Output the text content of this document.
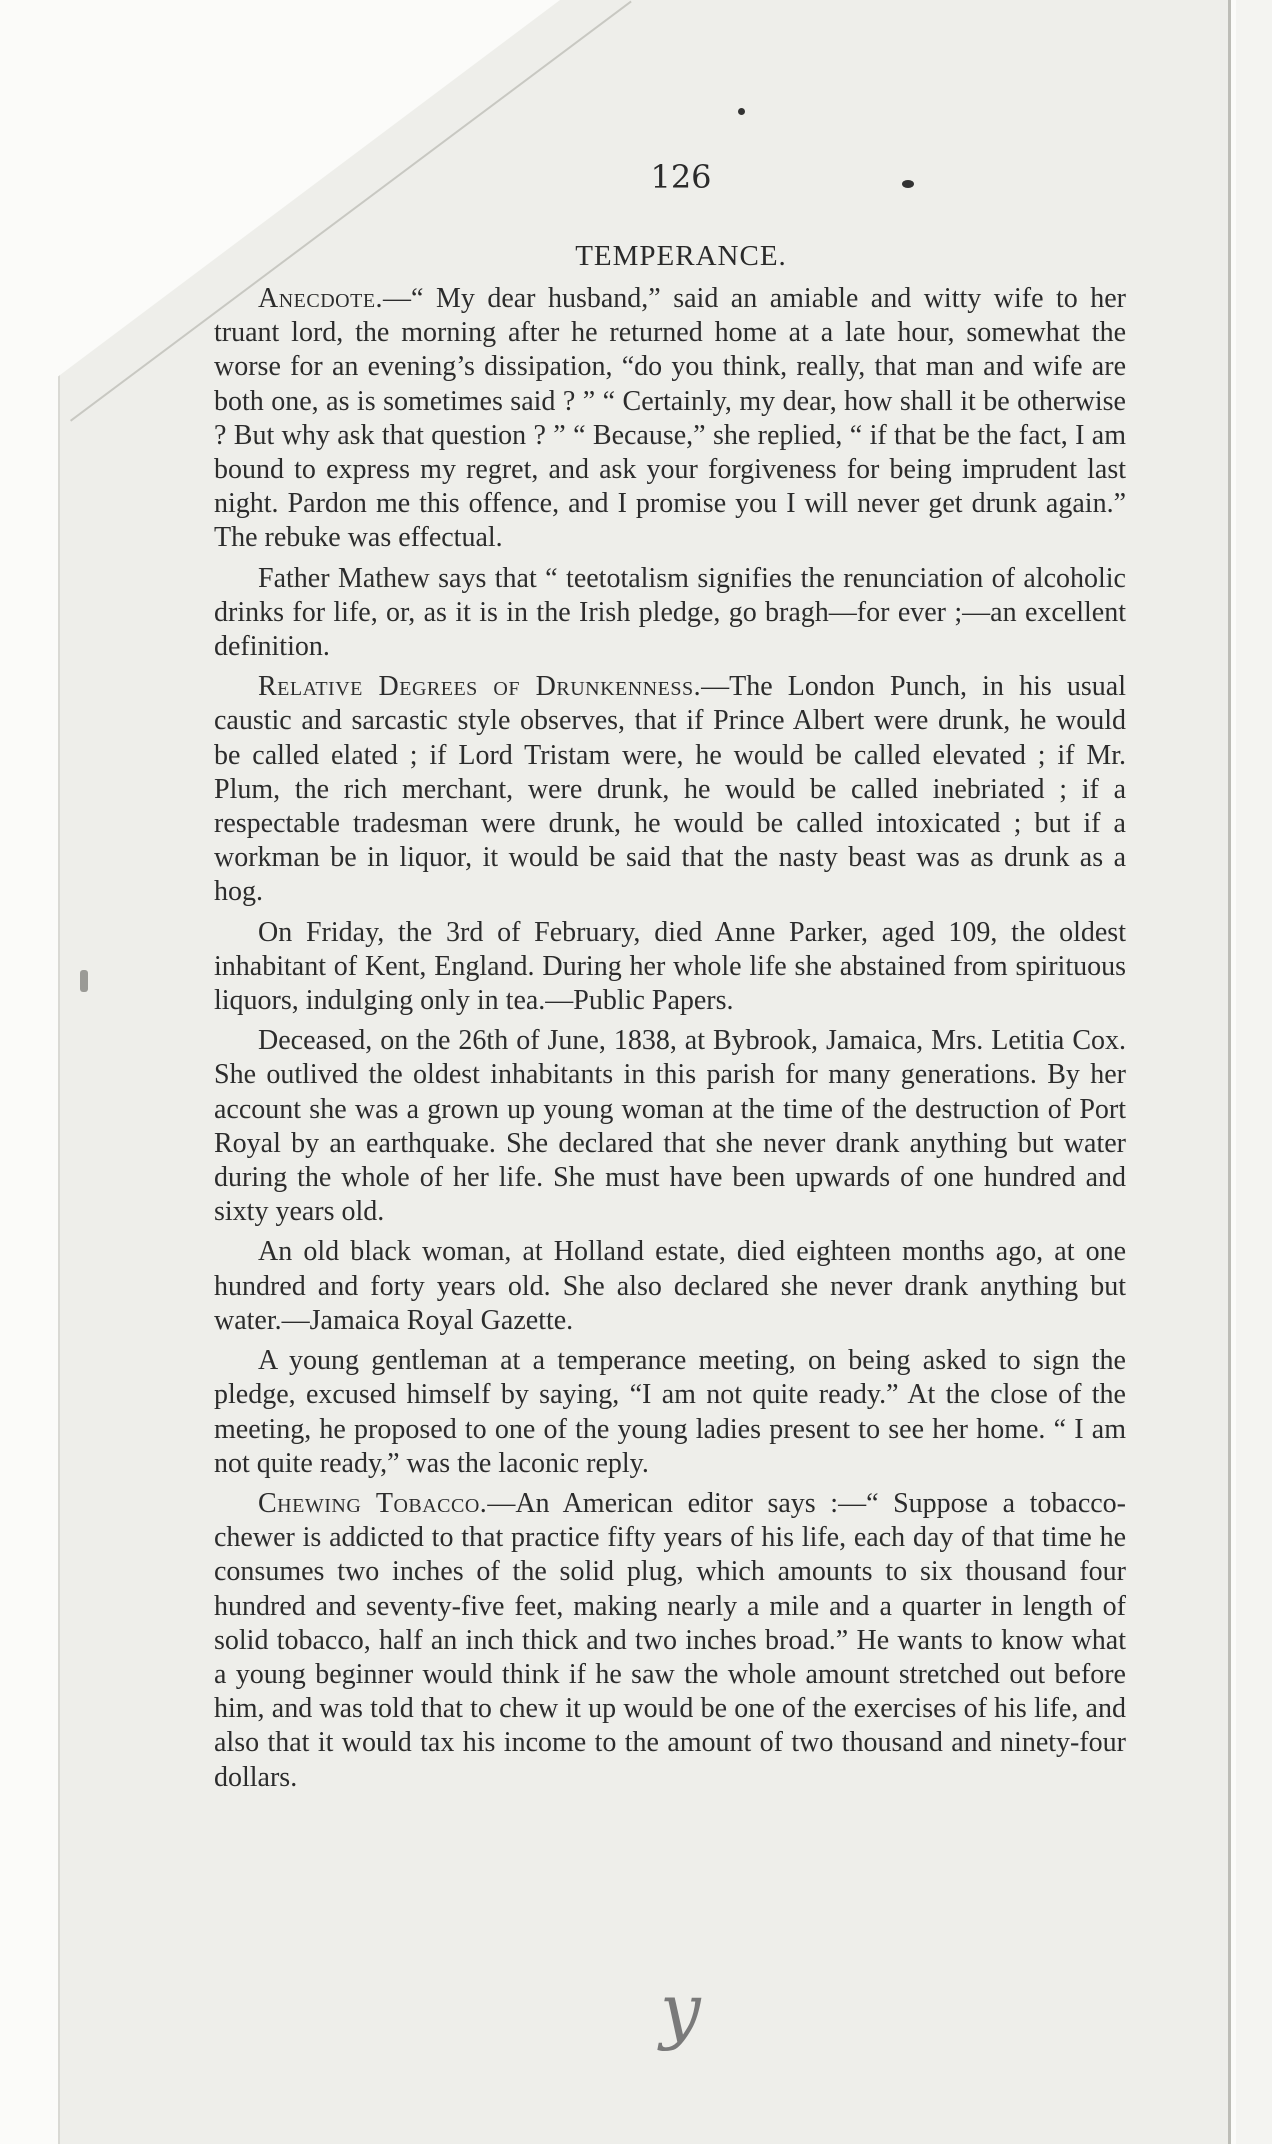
126
TEMPERANCE.

Anecdote.—“ My dear husband,” said an amiable and witty wife to her truant lord, the morning after he returned home at a late hour, somewhat the worse for an evening’s dissipation, “do you think, really, that man and wife are both one, as is sometimes said ? ” “ Certainly, my dear, how shall it be otherwise ? But why ask that question ? ” “ Because,” she replied, “ if that be the fact, I am bound to express my regret, and ask your forgiveness for being imprudent last night. Pardon me this offence, and I promise you I will never get drunk again.” The rebuke was effectual.

Father Mathew says that “ teetotalism signifies the renunciation of alcoholic drinks for life, or, as it is in the Irish pledge, go bragh—for ever ;—an excellent definition.

Relative Degrees of Drunkenness.—The London Punch, in his usual caustic and sarcastic style observes, that if Prince Albert were drunk, he would be called elated ; if Lord Tristam were, he would be called elevated ; if Mr. Plum, the rich merchant, were drunk, he would be called inebriated ; if a respectable tradesman were drunk, he would be called intoxicated ; but if a workman be in liquor, it would be said that the nasty beast was as drunk as a hog.

On Friday, the 3rd of February, died Anne Parker, aged 109, the oldest inhabitant of Kent, England. During her whole life she abstained from spirituous liquors, indulging only in tea.—Public Papers.

Deceased, on the 26th of June, 1838, at Bybrook, Jamaica, Mrs. Letitia Cox. She outlived the oldest inhabitants in this parish for many generations. By her account she was a grown up young woman at the time of the destruction of Port Royal by an earthquake. She declared that she never drank anything but water during the whole of her life. She must have been upwards of one hundred and sixty years old.

An old black woman, at Holland estate, died eighteen months ago, at one hundred and forty years old. She also declared she never drank anything but water.—Jamaica Royal Gazette.

A young gentleman at a temperance meeting, on being asked to sign the pledge, excused himself by saying, “I am not quite ready.” At the close of the meeting, he proposed to one of the young ladies present to see her home. “ I am not quite ready,” was the laconic reply.

Chewing Tobacco.—An American editor says :—“ Suppose a tobacco-chewer is addicted to that practice fifty years of his life, each day of that time he consumes two inches of the solid plug, which amounts to six thousand four hundred and seventy-five feet, making nearly a mile and a quarter in length of solid tobacco, half an inch thick and two inches broad.” He wants to know what a young beginner would think if he saw the whole amount stretched out before him, and was told that to chew it up would be one of the exercises of his life, and also that it would tax his income to the amount of two thousand and ninety-four dollars.

y
